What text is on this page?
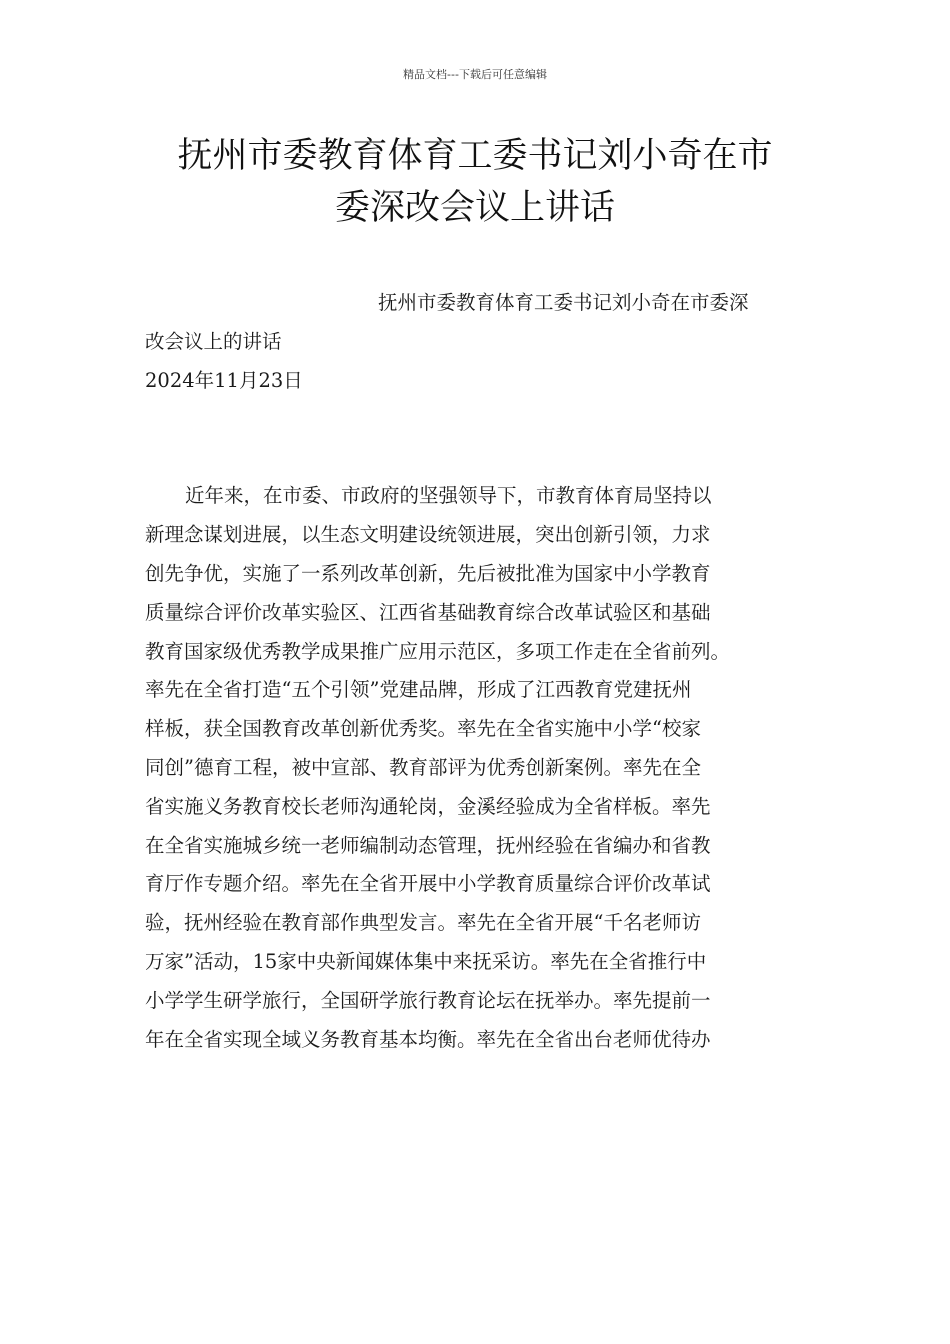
精品文档---下载后可任意编辑
抚州市委教育体育工委书记刘小奇在市
委深改会议上讲话
抚州市委教育体育工委书记刘小奇在市委深
改会议上的讲话
2024年11月23日
近年来，在市委、市政府的坚强领导下，市教育体育局坚持以
新理念谋划进展，以生态文明建设统领进展，突出创新引领，力求
创先争优，实施了一系列改革创新，先后被批准为国家中小学教育
质量综合评价改革实验区、江西省基础教育综合改革试验区和基础
教育国家级优秀教学成果推广应用示范区，多项工作走在全省前列。
率先在全省打造“五个引领”党建品牌，形成了江西教育党建抚州
样板，获全国教育改革创新优秀奖。率先在全省实施中小学“校家
同创”德育工程，被中宣部、教育部评为优秀创新案例。率先在全
省实施义务教育校长老师沟通轮岗，金溪经验成为全省样板。率先
在全省实施城乡统一老师编制动态管理，抚州经验在省编办和省教
育厅作专题介绍。率先在全省开展中小学教育质量综合评价改革试
验，抚州经验在教育部作典型发言。率先在全省开展“千名老师访
万家”活动，15家中央新闻媒体集中来抚采访。率先在全省推行中
小学学生研学旅行，全国研学旅行教育论坛在抚举办。率先提前一
年在全省实现全域义务教育基本均衡。率先在全省出台老师优待办
